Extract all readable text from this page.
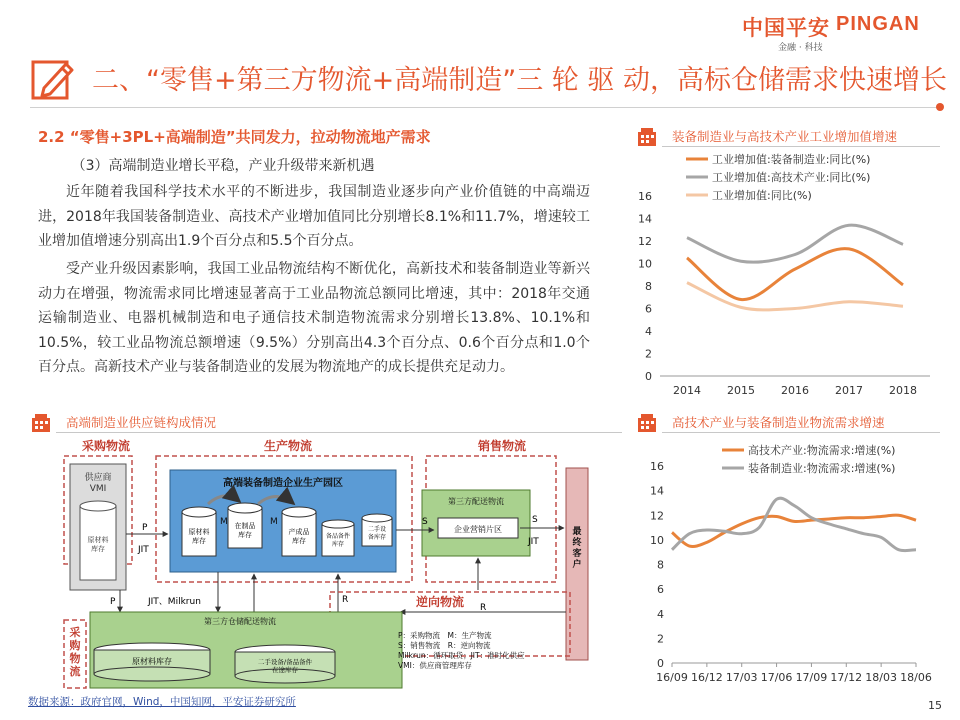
中国平安 PINGAN
金融 · 科技
二、“零售+第三方物流+高端制造”三 轮 驱 动，高标仓储需求快速增长
2.2 “零售+3PL+高端制造”共同发力，拉动物流地产需求
（3）高端制造业增长平稳，产业升级带来新机遇
近年随着我国科学技术水平的不断进步，我国制造业逐步向产业价值链的中高端迈进，2018年我国装备制造业、高技术产业增加值同比分别增长8.1%和11.7%，增速较工业增加值增速分别高出1.9个百分点和5.5个百分点。
受产业升级因素影响，我国工业品物流结构不断优化，高新技术和装备制造业等新兴动力在增强，物流需求同比增速显著高于工业品物流总额同比增速，其中：2018年交通运输制造业、电器机械制造和电子通信技术制造物流需求分别增长13.8%、10.1%和10.5%，较工业品物流总额增速（9.5%）分别高出4.3个百分点、0.6个百分点和1.0个百分点。高新技术产业与装备制造业的发展为物流地产的成长提供充足动力。
装备制造业与高技术产业工业增加值增速
高技术产业与装备制造业物流需求增速
高端制造业供应链构成情况
0
2
4
6
8
10
12
14
16
2014 2015 2016 2017 2018
工业增加值:装备制造业:同比(%)
工业增加值:高技术产业:同比(%)
工业增加值:同比(%)
0
2
4
6
8
10
12
14
16
16/09 16/12 17/03 17/06 17/09 17/12 18/03 18/06
高技术产业:物流需求:增速(%)
装备制造业:物流需求:增速(%)
采购物流	生产物流	销售物流
供应商 VMI
原材料库存
高端装备制造企业生产园区
原材料库存
在制品库存	产成品库存
备品备件库存
二手设备库存
M	M
第三方配送物流
企业营销片区	最终客户
P
JIT
S	S
JIT
P	JIT、Milkrun	R
R
逆向物流
第三方仓储配送物流
原材料库存	二手设备/备品备件在途库存
采购物流
P：采购物流　M：生产物流
S：销售物流　R：逆向物流
Milkrun：循环取货；JIT：准时化供应
VMI：供应商管理库存
数据来源：政府官网，Wind，中国知网，平安证券研究所	15
